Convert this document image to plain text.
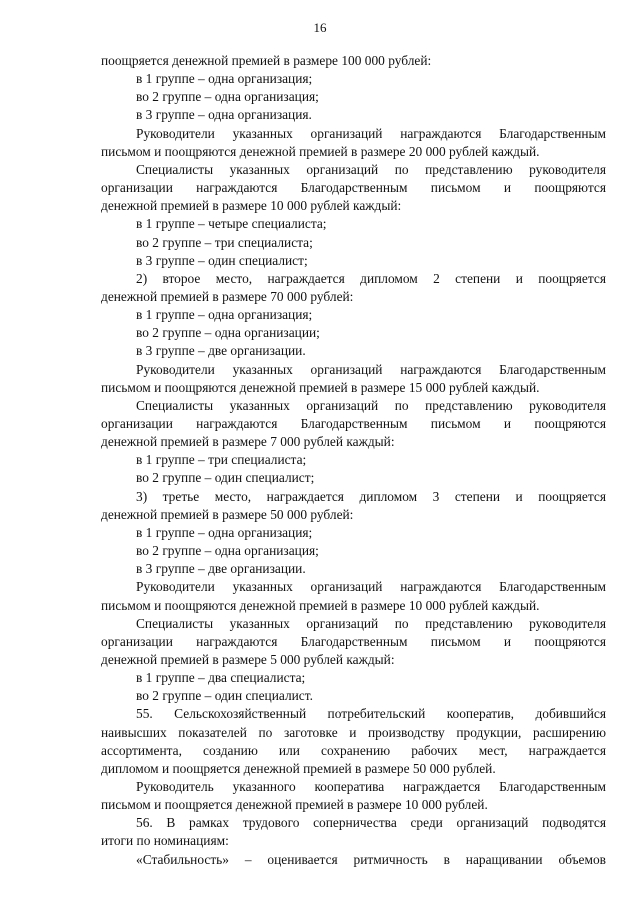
16
поощряется денежной премией в размере 100 000 рублей:
в 1 группе – одна организация;
во 2 группе – одна организация;
в 3 группе – одна организация.
Руководители указанных организаций награждаются Благодарственным
письмом и поощряются денежной премией в размере 20 000 рублей каждый.
Специалисты указанных организаций по представлению руководителя
организации награждаются Благодарственным письмом и поощряются
денежной премией в размере 10 000 рублей каждый:
в 1 группе – четыре специалиста;
во 2 группе – три специалиста;
в 3 группе – один специалист;
2) второе место, награждается дипломом 2 степени и поощряется
денежной премией в размере 70 000 рублей:
в 1 группе – одна организация;
во 2 группе – одна организации;
в 3 группе – две организации.
Руководители указанных организаций награждаются Благодарственным
письмом и поощряются денежной премией в размере 15 000 рублей каждый.
Специалисты указанных организаций по представлению руководителя
организации награждаются Благодарственным письмом и поощряются
денежной премией в размере 7 000 рублей каждый:
в 1 группе – три специалиста;
во 2 группе – один специалист;
3) третье место, награждается дипломом 3 степени и поощряется
денежной премией в размере 50 000 рублей:
в 1 группе – одна организация;
во 2 группе – одна организация;
в 3 группе – две организации.
Руководители указанных организаций награждаются Благодарственным
письмом и поощряются денежной премией в размере 10 000 рублей каждый.
Специалисты указанных организаций по представлению руководителя
организации награждаются Благодарственным письмом и поощряются
денежной премией в размере 5 000 рублей каждый:
в 1 группе – два специалиста;
во 2 группе – один специалист.
55. Сельскохозяйственный потребительский кооператив, добившийся
наивысших показателей по заготовке и производству продукции, расширению
ассортимента, созданию или сохранению рабочих мест, награждается
дипломом и поощряется денежной премией в размере 50 000 рублей.
Руководитель указанного кооператива награждается Благодарственным
письмом и поощряется денежной премией в размере 10 000 рублей.
56. В рамках трудового соперничества среди организаций подводятся
итоги по номинациям:
«Стабильность» – оценивается ритмичность в наращивании объемов
